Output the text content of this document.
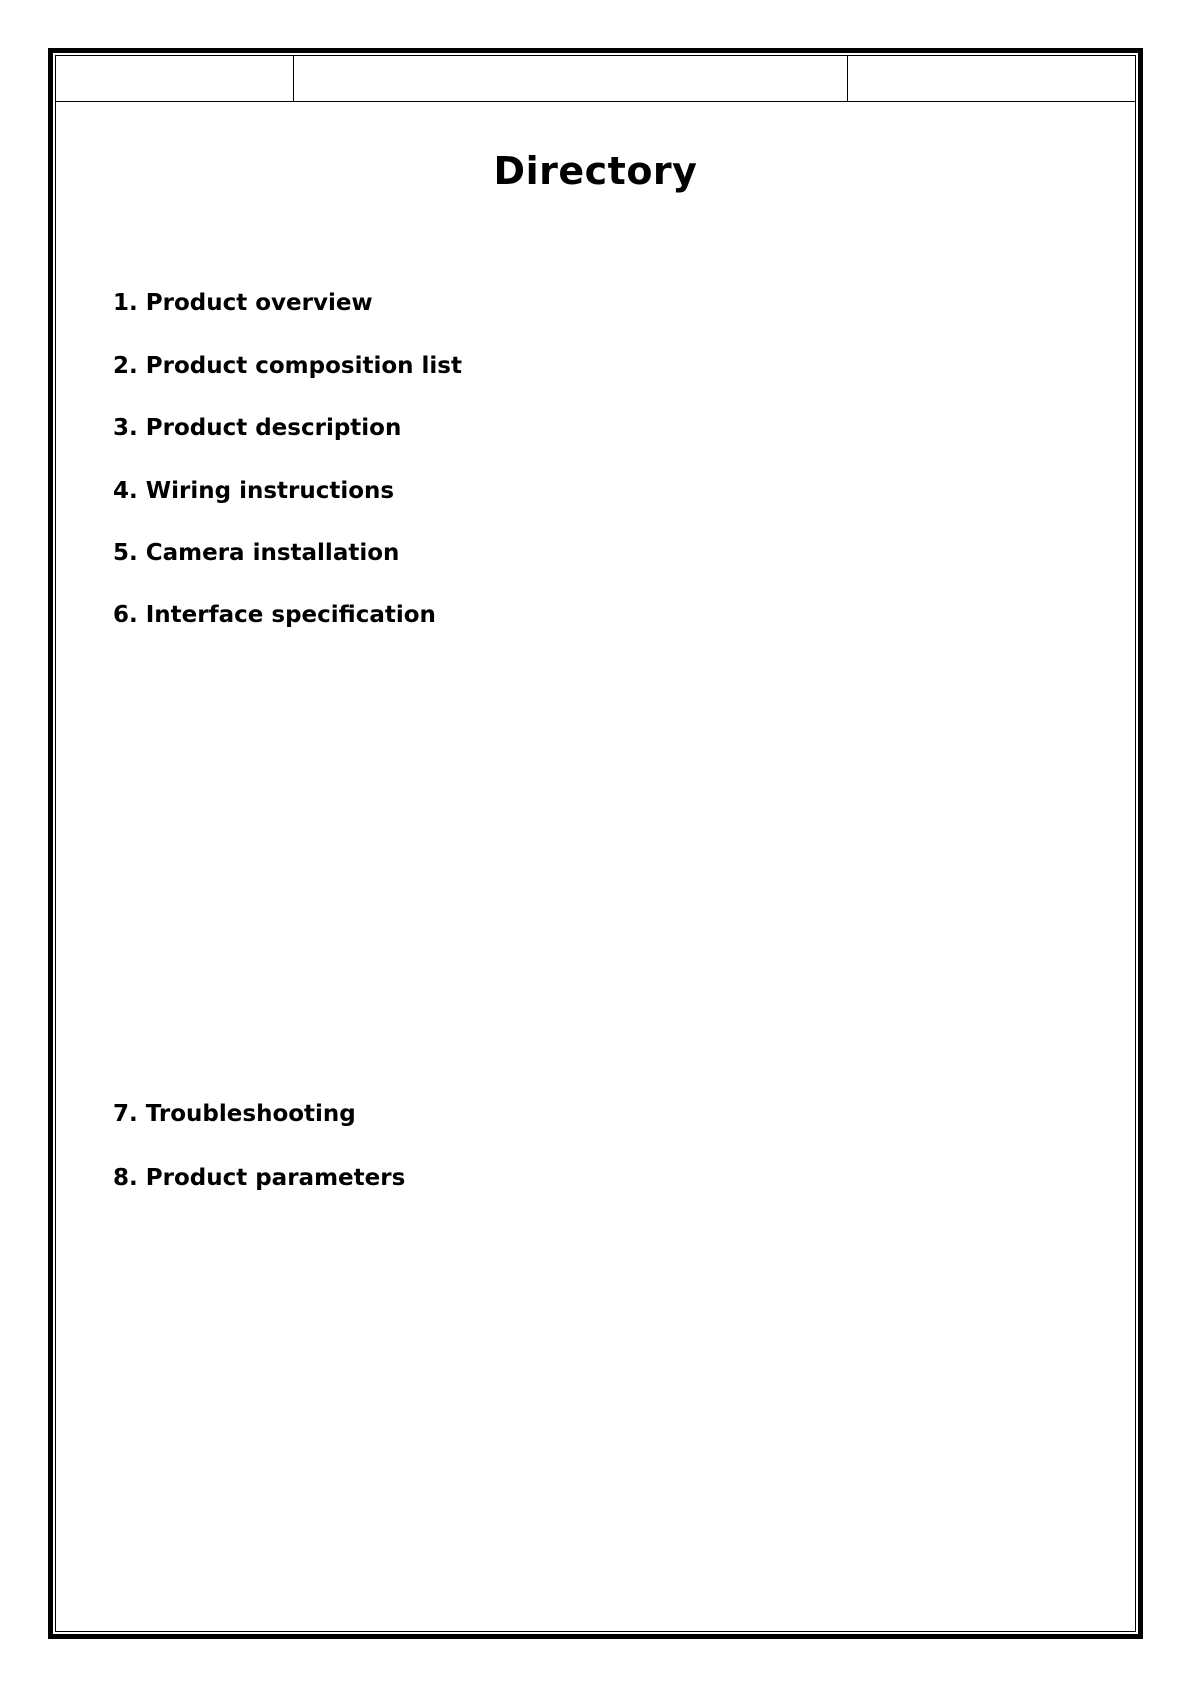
Directory
1. Product overview
2. Product composition list
3. Product description
4. Wiring instructions
5. Camera installation
6. Interface specification
7. Troubleshooting
8. Product parameters
